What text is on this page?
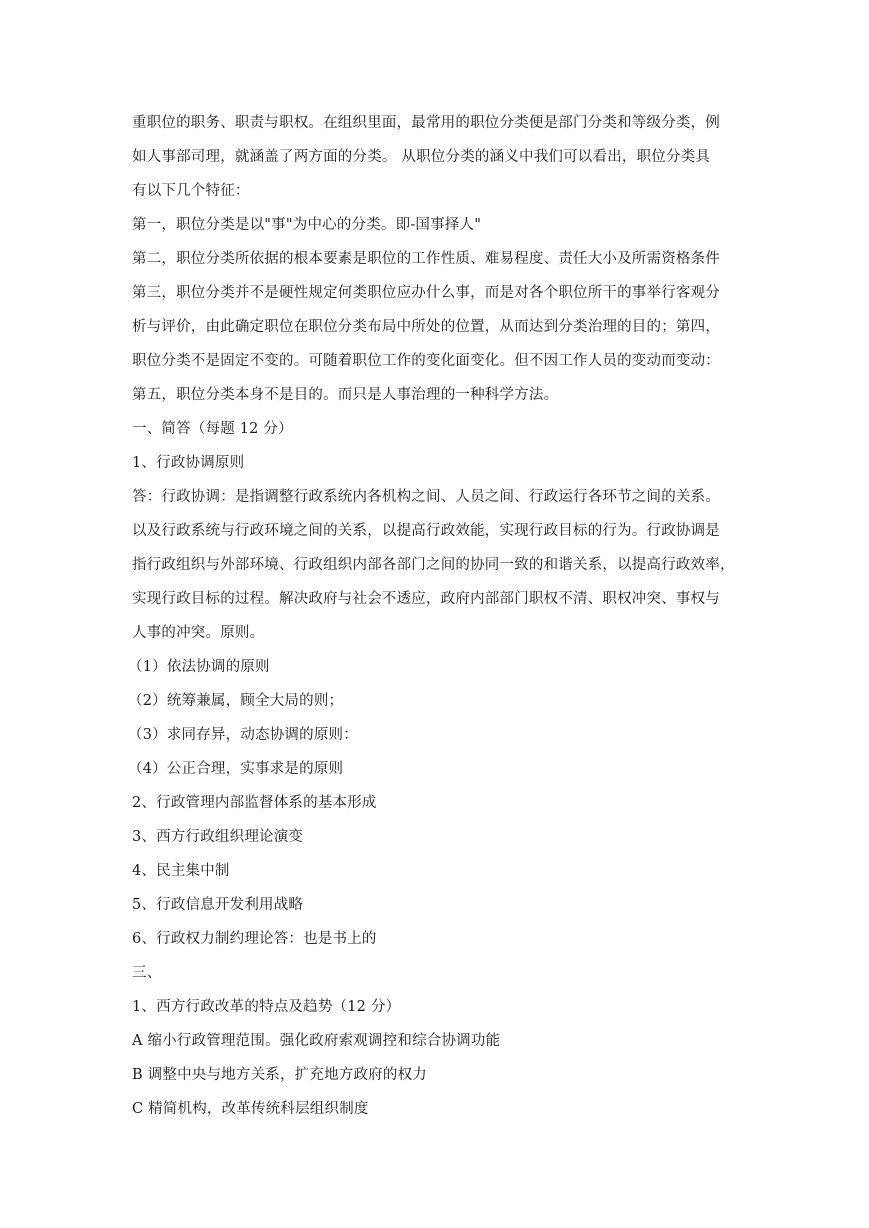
重职位的职务、职责与职权。在组织里面，最常用的职位分类便是部门分类和等级分类，例
如人事部司理，就涵盖了两方面的分类。 从职位分类的涵义中我们可以看出，职位分类具
有以下几个特征：
第一，职位分类是以"事"为中心的分类。即-国事择人"
第二，职位分类所依据的根本要素是职位的工作性质、难易程度、责任大小及所需资格条件
第三，职位分类并不是硬性规定何类职位应办什么事，而是对各个职位所干的事举行客观分
析与评价，由此确定职位在职位分类布局中所处的位置，从而达到分类治理的目的；第四，
职位分类不是固定不变的。可随着职位工作的变化面变化。但不因工作人员的变动而变动：
第五，职位分类本身不是目的。而只是人事治理的一种科学方法。
一、简答（每题 12 分）
1、行政协调原则
答：行政协调：是指调整行政系统内各机构之间、人员之间、行政运行各环节之间的关系。
以及行政系统与行政环境之间的关系，以提高行政效能，实现行政目标的行为。行政协调是
指行政组织与外部环境、行政组织内部各部门之间的协同一致的和谐关系，以提高行政效率，
实现行政目标的过程。解决政府与社会不透应，政府内部部门职权不清、职权冲突、事权与
人事的冲突。原则。
（1）依法协调的原则
（2）统筹兼属，顾全大局的则；
（3）求同存异，动态协调的原则：
（4）公正合理，实事求是的原则
2、行政管理内部监督体系的基本形成
3、西方行政组织理论演变
4、民主集中制
5、行政信息开发利用战略
6、行政权力制约理论答：也是书上的
三、
1、西方行政改革的特点及趋势（12 分）
A 缩小行政管理范围。强化政府索观调控和综合协调功能
B 调整中央与地方关系，扩充地方政府的权力
C 精简机构，改革传统科层组织制度
